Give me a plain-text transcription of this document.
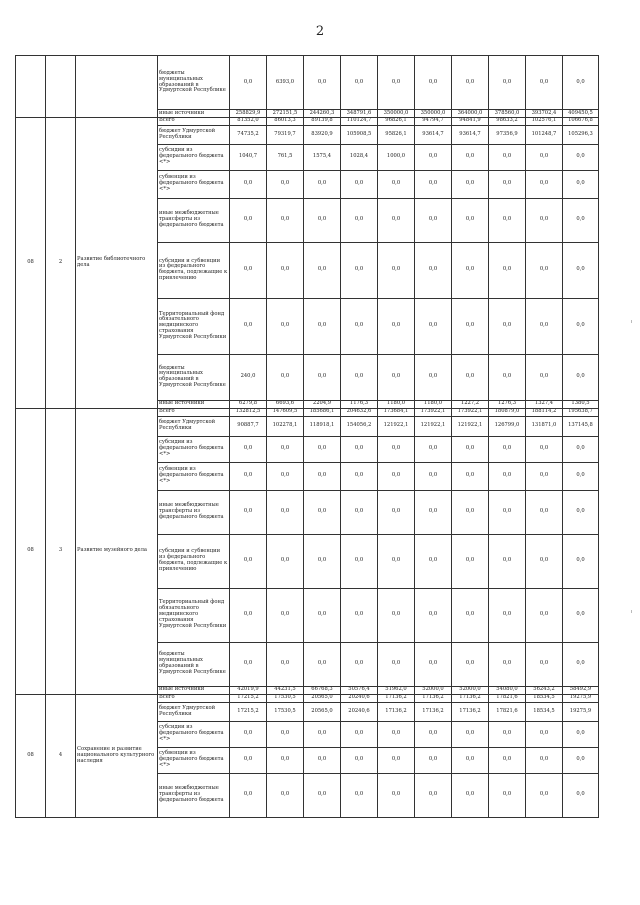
2
			бюджеты муниципальных образований в Удмуртской Республике	0,0	6393,0	0,0	0,0	0,0	0,0	0,0	0,0	0,0	0,0
			иные источники	258829,9	272151,5	244260,3	348791,6	350000,0	350000,0	364000,0	378560,0	393702,4	409450,5
08	2	Развитие библиотечного дела	Всего	81352,0	86013,3	89139,8	110124,7	96826,1	94794,7	94841,9	98633,2	102576,1	106676,8
			бюджет Удмуртской Республики	74735,2	79319,7	83920,9	105908,5	95826,1	93614,7	93614,7	97356,9	101248,7	105296,3
			субсидии из федерального бюджета <*>	1040,7	761,5	1575,4	1028,4	1000,0	0,0	0,0	0,0	0,0	0,0
			субвенции из федерального бюджета <*>	0,0	0,0	0,0	0,0	0,0	0,0	0,0	0,0	0,0	0,0
			иные межбюджетные трансферты из федерального бюджета	0,0	0,0	0,0	0,0	0,0	0,0	0,0	0,0	0,0	0,0
			субсидии и субвенции из федерального бюджета, подлежащие к привлечению	0,0	0,0	0,0	0,0	0,0	0,0	0,0	0,0	0,0	0,0
			Территориальный фонд обязательного медицинского страхования Удмуртской Республики	0,0	0,0	0,0	0,0	0,0	0,0	0,0	0,0	0,0	0,0
			бюджеты муниципальных образований в Удмуртской Республике	240,0	0,0	0,0	0,0	0,0	0,0	0,0	0,0	0,0	0,0
			иные источники	6279,8	6693,6	2204,9	1176,3	1180,0	1180,0	1227,2	1276,3	1327,4	1380,5
08	3	Развитие музейного дела	Всего	132812,5	147609,5	185686,1	204632,6	173684,1	173922,1	173922,1	180879,0	188114,2	195638,7
			бюджет Удмуртской Республики	90887,7	102278,1	118918,1	154056,2	121922,1	121922,1	121922,1	126799,0	131871,0	137145,8
			субсидии из федерального бюджета <*>	0,0	0,0	0,0	0,0	0,0	0,0	0,0	0,0	0,0	0,0
			субвенции из федерального бюджета <*>	0,0	0,0	0,0	0,0	0,0	0,0	0,0	0,0	0,0	0,0
			иные межбюджетные трансферты из федерального бюджета	0,0	0,0	0,0	0,0	0,0	0,0	0,0	0,0	0,0	0,0
			субсидии и субвенции из федерального бюджета, подлежащие к привлечению	0,0	0,0	0,0	0,0	0,0	0,0	0,0	0,0	0,0	0,0
			Территориальный фонд обязательного медицинского страхования Удмуртской Республики	0,0	0,0	0,0	0,0	0,0	0,0	0,0	0,0	0,0	0,0
			бюджеты муниципальных образований в Удмуртской Республике	0,0	0,0	0,0	0,0	0,0	0,0	0,0	0,0	0,0	0,0
			иные источники	42019,9	44231,5	66768,3	50576,4	51962,0	52000,0	52000,0	54080,0	56243,2	58492,9
08	4	Сохранение и развитие национального культурного наследия	Всего	17215,2	17530,5	20565,0	20240,6	17136,2	17136,2	17136,2	17821,6	18534,5	19275,9
			бюджет Удмуртской Республики	17215,2	17530,5	20565,0	20240,6	17136,2	17136,2	17136,2	17821,6	18534,5	19275,9
			субсидии из федерального бюджета <*>	0,0	0,0	0,0	0,0	0,0	0,0	0,0	0,0	0,0	0,0
			субвенции из федерального бюджета <*>	0,0	0,0	0,0	0,0	0,0	0,0	0,0	0,0	0,0	0,0
			иные межбюджетные трансферты из федерального бюджета	0,0	0,0	0,0	0,0	0,0	0,0	0,0	0,0	0,0	0,0
